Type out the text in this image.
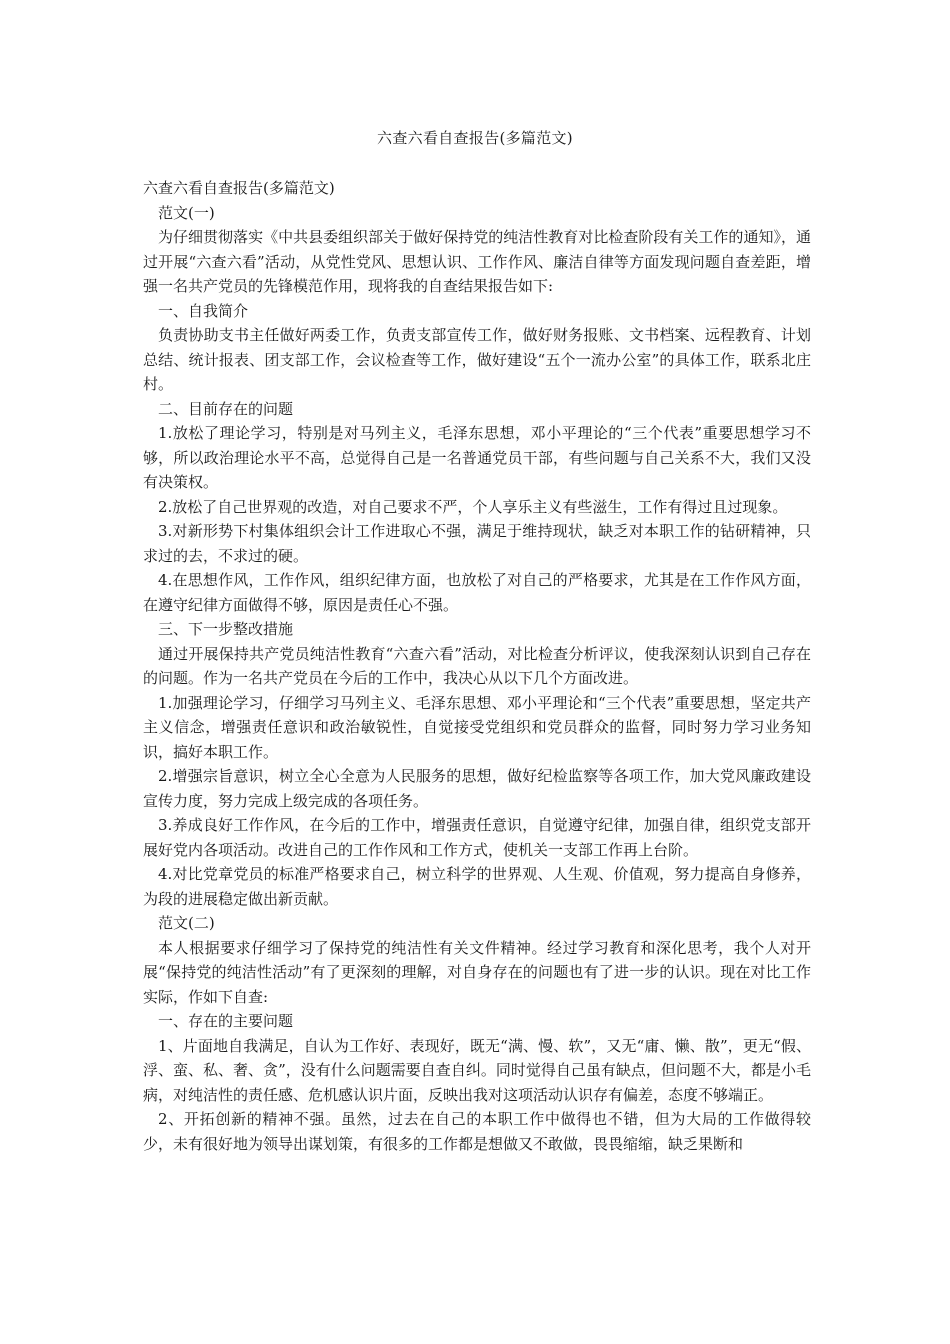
六查六看自查报告(多篇范文)

六查六看自查报告(多篇范文)

范文(一)

为仔细贯彻落实《中共县委组织部关于做好保持党的纯洁性教育对比检查阶段有关工作的通知》，通过开展“六查六看”活动，从党性党风、思想认识、工作作风、廉洁自律等方面发现问题自查差距，增强一名共产党员的先锋模范作用，现将我的自查结果报告如下:

一、自我简介

负责协助支书主任做好两委工作，负责支部宣传工作，做好财务报账、文书档案、远程教育、计划总结、统计报表、团支部工作，会议检查等工作，做好建设“五个一流办公室”的具体工作，联系北庄村。

二、目前存在的问题

1.放松了理论学习，特别是对马列主义，毛泽东思想，邓小平理论的“三个代表”重要思想学习不够，所以政治理论水平不高，总觉得自己是一名普通党员干部，有些问题与自己关系不大，我们又没有决策权。

2.放松了自己世界观的改造，对自己要求不严，个人享乐主义有些滋生，工作有得过且过现象。

3.对新形势下村集体组织会计工作进取心不强，满足于维持现状，缺乏对本职工作的钻研精神，只求过的去，不求过的硬。

4.在思想作风，工作作风，组织纪律方面，也放松了对自己的严格要求，尤其是在工作作风方面，在遵守纪律方面做得不够，原因是责任心不强。

三、下一步整改措施

通过开展保持共产党员纯洁性教育“六查六看”活动，对比检查分析评议，使我深刻认识到自己存在的问题。作为一名共产党员在今后的工作中，我决心从以下几个方面改进。

1.加强理论学习，仔细学习马列主义、毛泽东思想、邓小平理论和“三个代表”重要思想，坚定共产主义信念，增强责任意识和政治敏锐性，自觉接受党组织和党员群众的监督，同时努力学习业务知识，搞好本职工作。

2.增强宗旨意识，树立全心全意为人民服务的思想，做好纪检监察等各项工作，加大党风廉政建设宣传力度，努力完成上级完成的各项任务。

3.养成良好工作作风，在今后的工作中，增强责任意识，自觉遵守纪律，加强自律，组织党支部开展好党内各项活动。改进自己的工作作风和工作方式，使机关一支部工作再上台阶。

4.对比党章党员的标准严格要求自己，树立科学的世界观、人生观、价值观，努力提高自身修养，为段的进展稳定做出新贡献。

范文(二)

本人根据要求仔细学习了保持党的纯洁性有关文件精神。经过学习教育和深化思考，我个人对开展“保持党的纯洁性活动”有了更深刻的理解，对自身存在的问题也有了进一步的认识。现在对比工作实际，作如下自查:

一、存在的主要问题

1、片面地自我满足，自认为工作好、表现好，既无“满、慢、软”，又无“庸、懒、散”，更无“假、浮、蛮、私、奢、贪”，没有什么问题需要自查自纠。同时觉得自己虽有缺点，但问题不大，都是小毛病，对纯洁性的责任感、危机感认识片面，反映出我对这项活动认识存有偏差，态度不够端正。

2、开拓创新的精神不强。虽然，过去在自己的本职工作中做得也不错，但为大局的工作做得较少，未有很好地为领导出谋划策，有很多的工作都是想做又不敢做，畏畏缩缩，缺乏果断和
